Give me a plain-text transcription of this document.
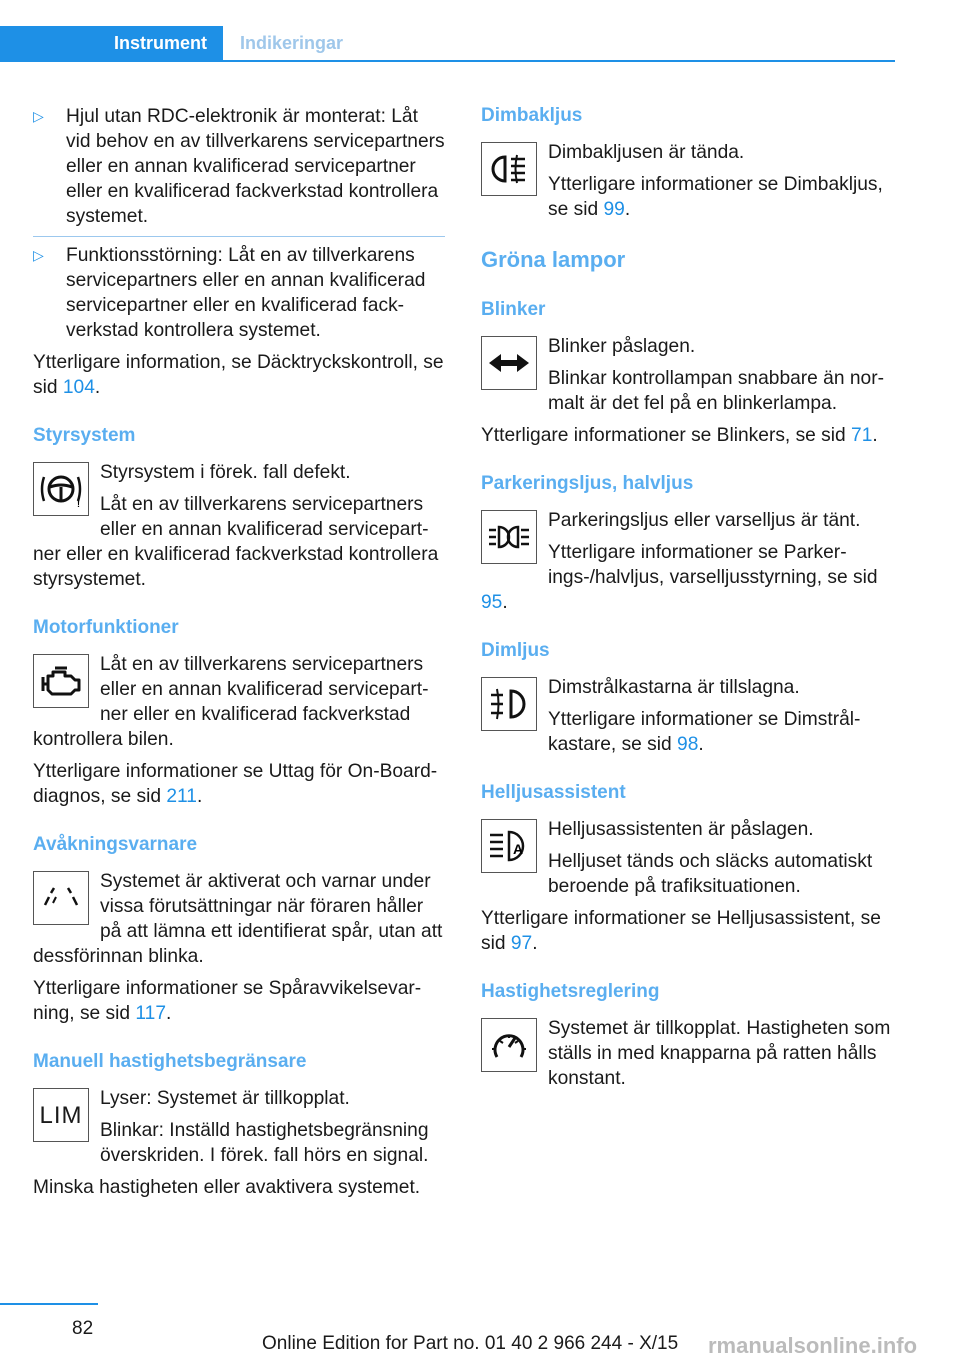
Instrument	Indikeringar
▷ Hjul utan RDC-elektronik är monterat: Låt vid behov en av tillverkarens servicepartners eller en annan kvalificerad servicepartner eller en kvalificerad fackverkstad kontrollera systemet.
▷ Funktionsstörning: Låt en av tillverkarens servicepartners eller en annan kvalificerad servicepartner eller en kvalificerad fackverkstad kontrollera systemet.

Ytterligare information, se Däcktryckskontroll, se sid 104.

Styrsystem
!

Styrsystem i förek. fall defekt.

Låt en av tillverkarens servicepartners eller en annan kvalificerad servicepartner eller en kvalificerad fackverkstad kontrollera styrsystemet.

Motorfunktioner

Låt en av tillverkarens servicepartners eller en annan kvalificerad servicepartner eller en kvalificerad fackverkstad kontrollera bilen.

Ytterligare informationer se Uttag för On-Board-diagnos, se sid 211.

Avåkningsvarnare

Systemet är aktiverat och varnar under vissa förutsättningar när föraren håller på att lämna ett identifierat spår, utan att dessförinnan blinka.

Ytterligare informationer se Spåravvikelsevarning, se sid 117.

Manuell hastighetsbegränsare
LIM

Lyser: Systemet är tillkopplat.

Blinkar: Inställd hastighetsbegränsning överskriden. I förek. fall hörs en signal.

Minska hastigheten eller avaktivera systemet.

Dimbakljus

Dimbakljusen är tända.

Ytterligare informationer se Dimbakljus, se sid 99.

Gröna lampor
Blinker

Blinker påslagen.

Blinkar kontrollampan snabbare än normalt är det fel på en blinkerlampa.

Ytterligare informationer se Blinkers, se sid 71.

Parkeringsljus, halvljus

Parkeringsljus eller varselljus är tänt.

Ytterligare informationer se Parkerings-/halvljus, varselljusstyrning, se sid 95.

Dimljus

Dimstrålkastarna är tillslagna.

Ytterligare informationer se Dimstrålkastare, se sid 98.

Helljusassistent
A

Helljusassistenten är påslagen.

Helljuset tänds och släcks automatiskt beroende på trafiksituationen.

Ytterligare informationer se Helljusassistent, se sid 97.

Hastighetsreglering

Systemet är tillkopplat. Hastigheten som ställs in med knapparna på ratten hålls konstant.

82
Online Edition for Part no. 01 40 2 966 244 - X/15 rmanualsonline.info
